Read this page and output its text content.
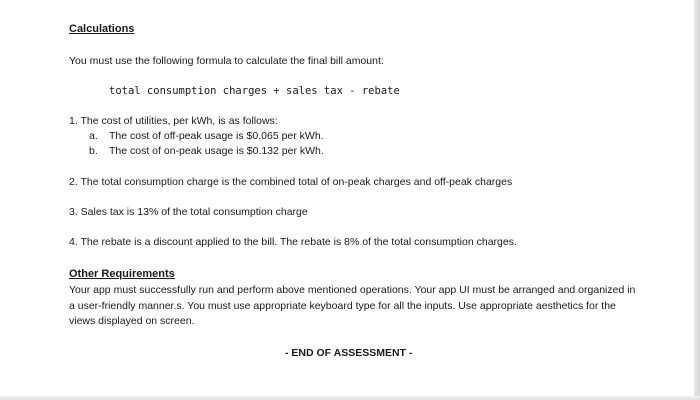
Calculations
You must use the following formula to calculate the final bill amount:
total consumption charges + sales tax - rebate
1. The cost of utilities, per kWh, is as follows:
a. The cost of off-peak usage is $0.065 per kWh.
b. The cost of on-peak usage is $0.132 per kWh.
2. The total consumption charge is the combined total of on-peak charges and off-peak charges
3. Sales tax is 13% of the total consumption charge
4. The rebate is a discount applied to the bill. The rebate is 8% of the total consumption charges.
Other Requirements
Your app must successfully run and perform above mentioned operations. Your app UI must be arranged and organized in a user-friendly manner.s. You must use appropriate keyboard type for all the inputs. Use appropriate aesthetics for the views displayed on screen.
- END OF ASSESSMENT -
